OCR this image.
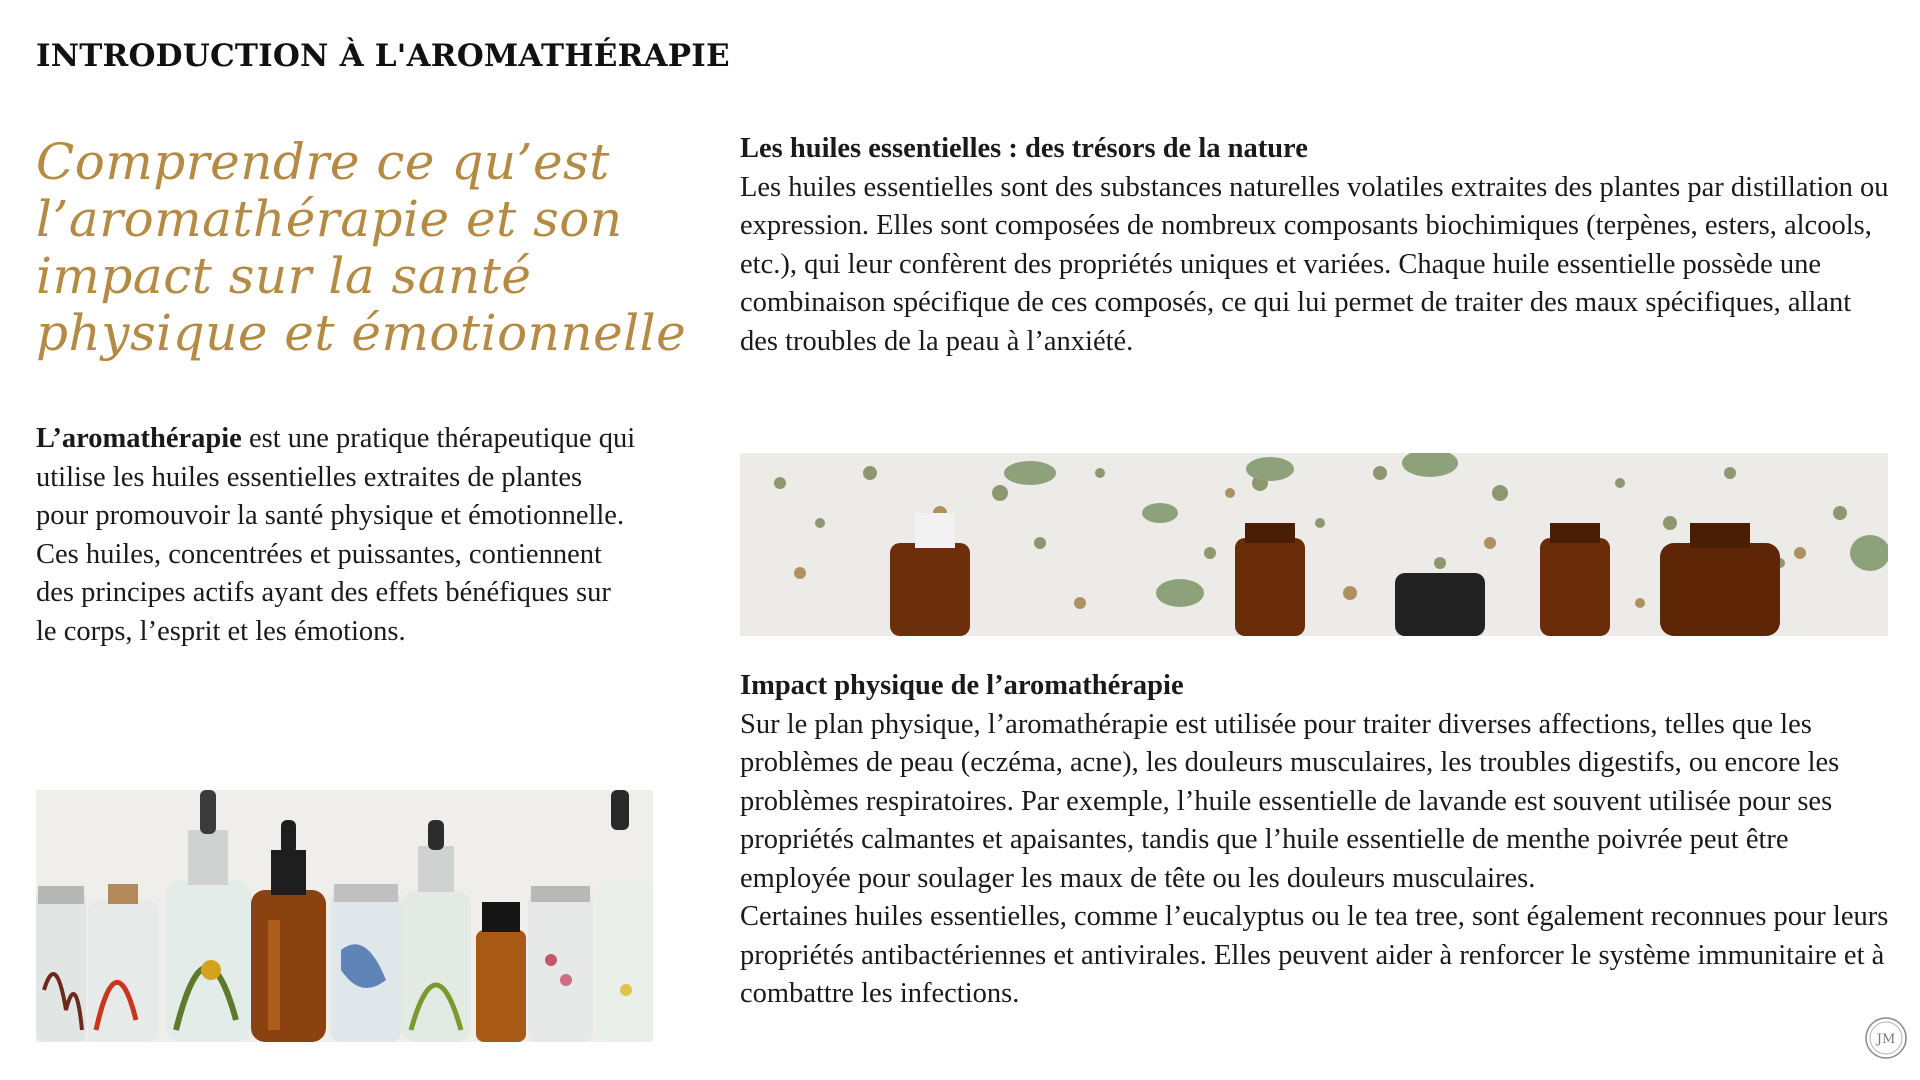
INTRODUCTION À L'AROMATHÉRAPIE

Comprendre ce qu’est l’aromathérapie et son impact sur la santé physique et émotionnelle

L’aromathérapie est une pratique thérapeutique qui utilise les huiles essentielles extraites de plantes pour promouvoir la santé physique et émotionnelle. Ces huiles, concentrées et puissantes, contiennent des principes actifs ayant des effets bénéfiques sur le corps, l’esprit et les émotions.

Les huiles essentielles : des trésors de la nature

Les huiles essentielles sont des substances naturelles volatiles extraites des plantes par distillation ou expression. Elles sont composées de nombreux composants biochimiques (terpènes, esters, alcools, etc.), qui leur confèrent des propriétés uniques et variées. Chaque huile essentielle possède une combinaison spécifique de ces composés, ce qui lui permet de traiter des maux spécifiques, allant des troubles de la peau à l’anxiété.

Impact physique de l’aromathérapie

Sur le plan physique, l’aromathérapie est utilisée pour traiter diverses affections, telles que les problèmes de peau (eczéma, acne), les douleurs musculaires, les troubles digestifs, ou encore les problèmes respiratoires. Par exemple, l’huile essentielle de lavande est souvent utilisée pour ses propriétés calmantes et apaisantes, tandis que l’huile essentielle de menthe poivrée peut être employée pour soulager les maux de tête ou les douleurs musculaires.

Certaines huiles essentielles, comme l’eucalyptus ou le tea tree, sont également reconnues pour leurs propriétés antibactériennes et antivirales. Elles peuvent aider à renforcer le système immunitaire et à combattre les infections.

JM
